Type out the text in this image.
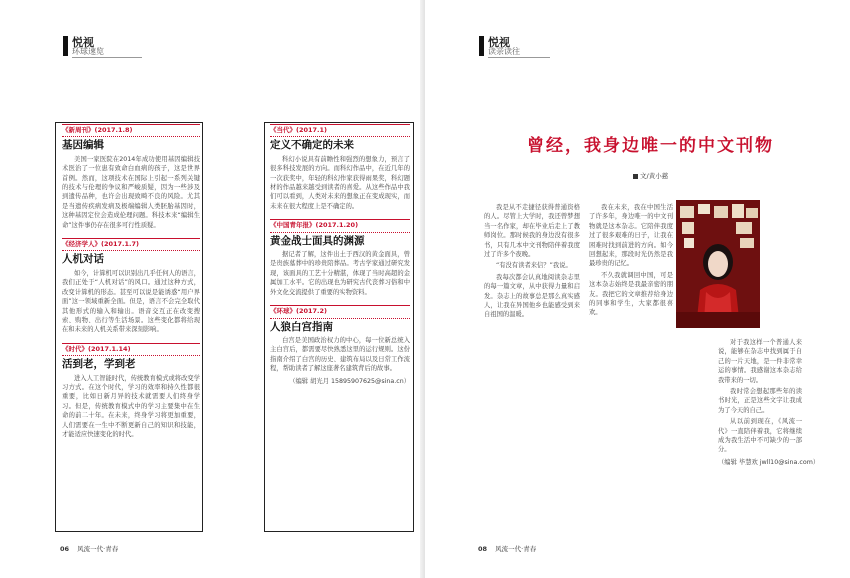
悦视
环球速览
《新周刊》(2017.1.8)
基因编辑

美国一家医院在2014年成功使用基因编辑技术医治了一位患有致命白血病的孩子，这是世界首例。然而，这项技术在国际上引起一系列关键的技术与伦理的争议和严峻质疑，因为一些涉及到遗传品种，也许会出现致畸不良的风险。尤其是当遗传疾病发病及极端编辑人类胚胎基因时，这种基因定位会造成伦理问题。科技本来“编辑生命”这件事仍存在很多可行性质疑。

《经济学人》(2017.1.7)
人机对话

如今，计算机可以识别出几乎任何人的语言，我们正处于“人机对话”的风口。通过这种方式，改变计算机的形态。甚至可以说是能诱惑“用户界面”这一领域重新全面。但是，语言不会完全取代其他形式的输入和输出。语音交互正在改变搜索、购物、出行等生活场景。这些变化都将给现在和未来的人机关系带来深刻影响。

《时代》(2017.1.14)
活到老，学到老

进入人工智能时代，传统教育模式或将改变学习方式。在这个时代，学习的效率和持久性都很重要，比如日新月异的技术就需要人们终身学习。但是，传统教育模式中的学习主要集中在生命的前二十年。在未来，终身学习将更加重要，人们需要在一生中不断更新自己的知识和技能，才能适应快速变化的时代。

《当代》(2017.1)
定义不确定的未来

科幻小说具有前瞻性和强烈的想象力，预言了很多科技发展的方向。而科幻作品中，在近几年的一次获奖中，年轻的科幻作家获得雨果奖，科幻题材的作品越来越受到读者的喜爱。从这些作品中我们可以看到，人类对未来的想象正在变成现实，而未来在很大程度上是不确定的。

《中国青年报》(2017.1.20)
黄金战士面具的渊源

据记者了解，这件出土于西汉的黄金面具，曾是贵族墓葬中的珍贵陪葬品。考古学家通过研究发现，该面具的工艺十分精湛，体现了当时高超的金属加工水平。它的出现也为研究古代丧葬习俗和中外文化交流提供了重要的实物资料。

《环球》(2017.2)
人狼白宫指南

白宫是美国政治权力的中心，每一位新总统入主白宫后，都需要尽快熟悉这里的运行规则。这份指南介绍了白宫的历史、建筑布局以及日常工作流程，帮助读者了解这座著名建筑背后的故事。

（编辑 胡光月 15895907625@sina.cn）
06 风流一代·青春
悦视
读亲读往
曾经，我身边唯一的中文刊物
文/黄小慈

我是从不走捷径获得普通资格的人。尽管上大学时，我还曾梦想当一名作家，却在毕业后走上了教师岗位。那时候我的身边没有很多书，只有几本中文刊物陪伴着我度过了许多个夜晚。

“有没有读者来信？”我说。

我每次都会认真地阅读杂志里的每一篇文章，从中获得力量和启发。杂志上的故事总是那么真实感人，让我在异国他乡也能感受到来自祖国的温暖。

我在未来，我在中国生活了许多年，身边唯一的中文刊物就是这本杂志。它陪伴我度过了很多艰难的日子，让我在困难时找到前进的方向。如今回想起来，那段时光仍然是我最珍贵的记忆。

不久我就调回中国，可是这本杂志始终是我最亲密的朋友。我把它的文章推荐给身边的同事和学生，大家都很喜欢。

对于我这样一个普通人来说，能够在杂志中找到属于自己的一片天地，是一件非常幸运的事情。我感谢这本杂志给我带来的一切。

我时常会想起那些年的读书时光，正是这些文字让我成为了今天的自己。

从以前到现在，《风流一代》一直陪伴着我，它将继续成为我生活中不可缺少的一部分。

（编辑 毕慧欢 jwll10@sina.com）
08 风流一代·青春
